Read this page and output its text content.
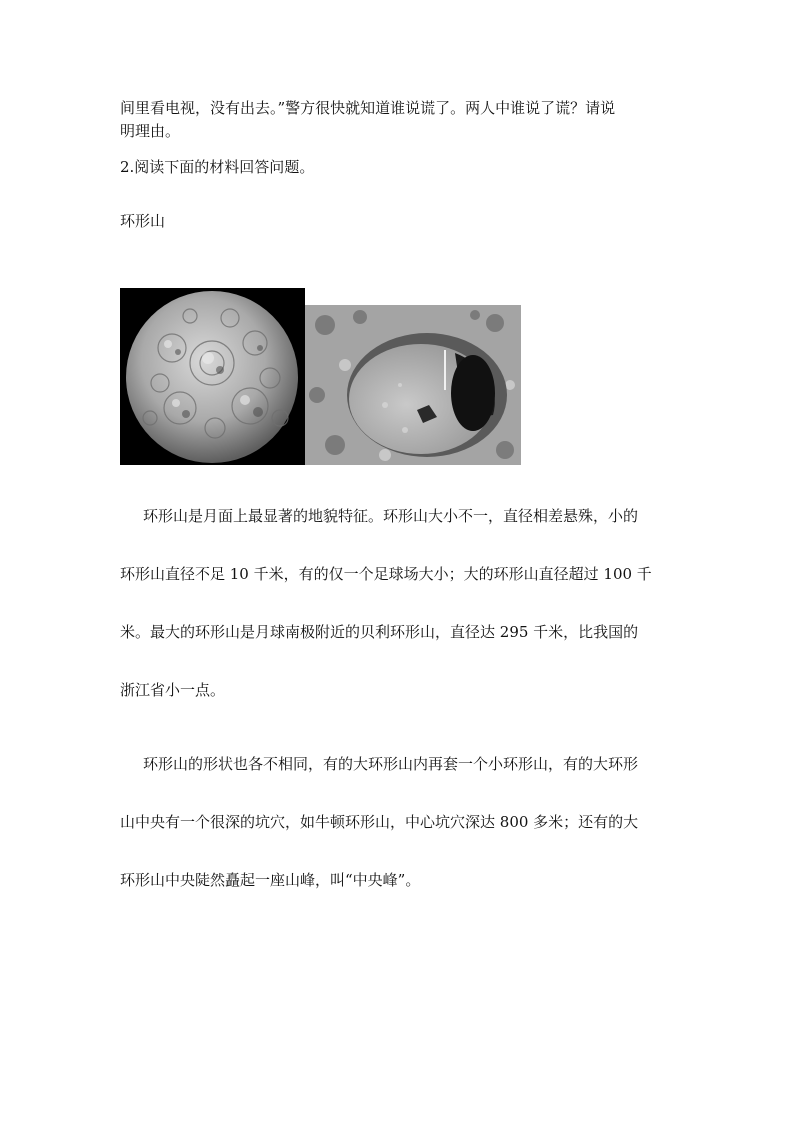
间里看电视，没有出去。”警方很快就知道谁说谎了。两人中谁说了谎？请说
明理由。
2.阅读下面的材料回答问题。
环形山
环形山是月面上最显著的地貌特征。环形山大小不一，直径相差悬殊，小的
环形山直径不足 10 千米，有的仅一个足球场大小；大的环形山直径超过 100 千
米。最大的环形山是月球南极附近的贝利环形山，直径达 295 千米，比我国的
浙江省小一点。
环形山的形状也各不相同，有的大环形山内再套一个小环形山，有的大环形
山中央有一个很深的坑穴，如牛顿环形山，中心坑穴深达 800 多米；还有的大
环形山中央陡然矗起一座山峰，叫“中央峰”。
